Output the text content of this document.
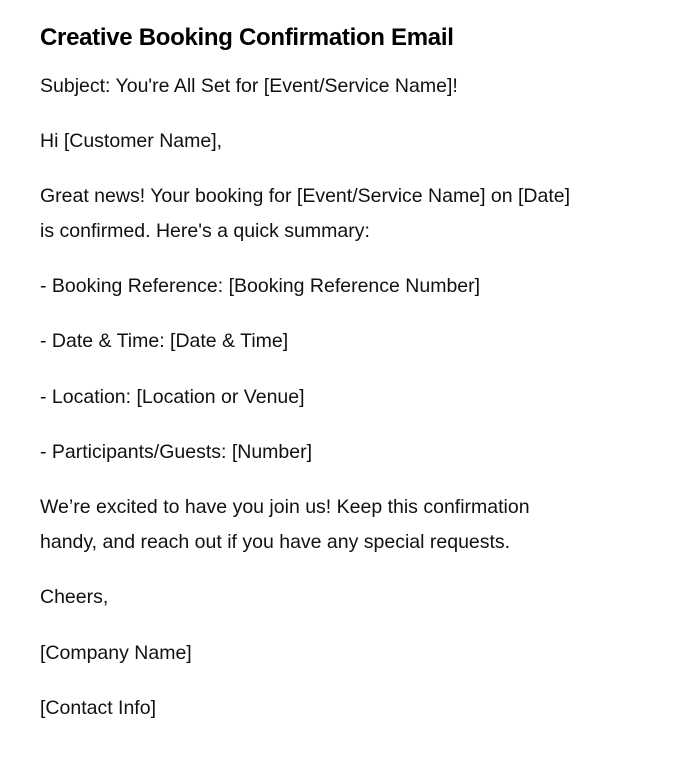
Creative Booking Confirmation Email

Subject: You're All Set for [Event/Service Name]!

Hi [Customer Name],

Great news! Your booking for [Event/Service Name] on [Date]

is confirmed. Here's a quick summary:

- Booking Reference: [Booking Reference Number]

- Date & Time: [Date & Time]

- Location: [Location or Venue]

- Participants/Guests: [Number]

We’re excited to have you join us! Keep this confirmation

handy, and reach out if you have any special requests.

Cheers,

[Company Name]

[Contact Info]
